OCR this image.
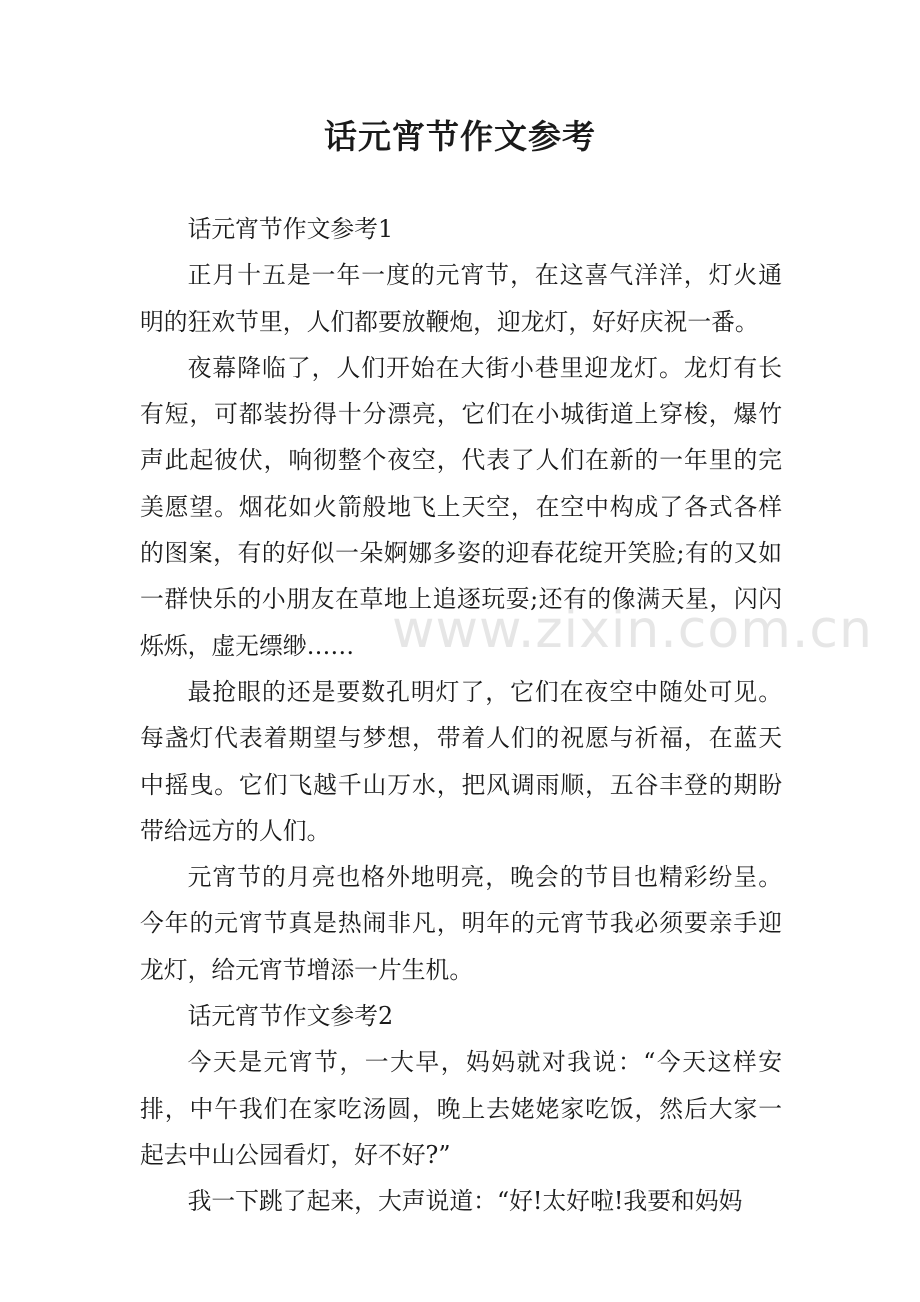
www.zixin.com.cn
话元宵节作文参考

话元宵节作文参考1

正月十五是一年一度的元宵节，在这喜气洋洋，灯火通明的狂欢节里，人们都要放鞭炮，迎龙灯，好好庆祝一番。

夜幕降临了，人们开始在大街小巷里迎龙灯。龙灯有长有短，可都装扮得十分漂亮，它们在小城街道上穿梭，爆竹声此起彼伏，响彻整个夜空，代表了人们在新的一年里的完美愿望。烟花如火箭般地飞上天空，在空中构成了各式各样的图案，有的好似一朵婀娜多姿的迎春花绽开笑脸;有的又如一群快乐的小朋友在草地上追逐玩耍;还有的像满天星，闪闪烁烁，虚无缥缈……

最抢眼的还是要数孔明灯了，它们在夜空中随处可见。每盏灯代表着期望与梦想，带着人们的祝愿与祈福，在蓝天中摇曳。它们飞越千山万水，把风调雨顺，五谷丰登的期盼带给远方的人们。

元宵节的月亮也格外地明亮，晚会的节目也精彩纷呈。今年的元宵节真是热闹非凡，明年的元宵节我必须要亲手迎龙灯，给元宵节增添一片生机。

话元宵节作文参考2

今天是元宵节，一大早，妈妈就对我说：“今天这样安排，中午我们在家吃汤圆，晚上去姥姥家吃饭，然后大家一起去中山公园看灯，好不好?”

我一下跳了起来，大声说道：“好!太好啦!我要和妈妈
